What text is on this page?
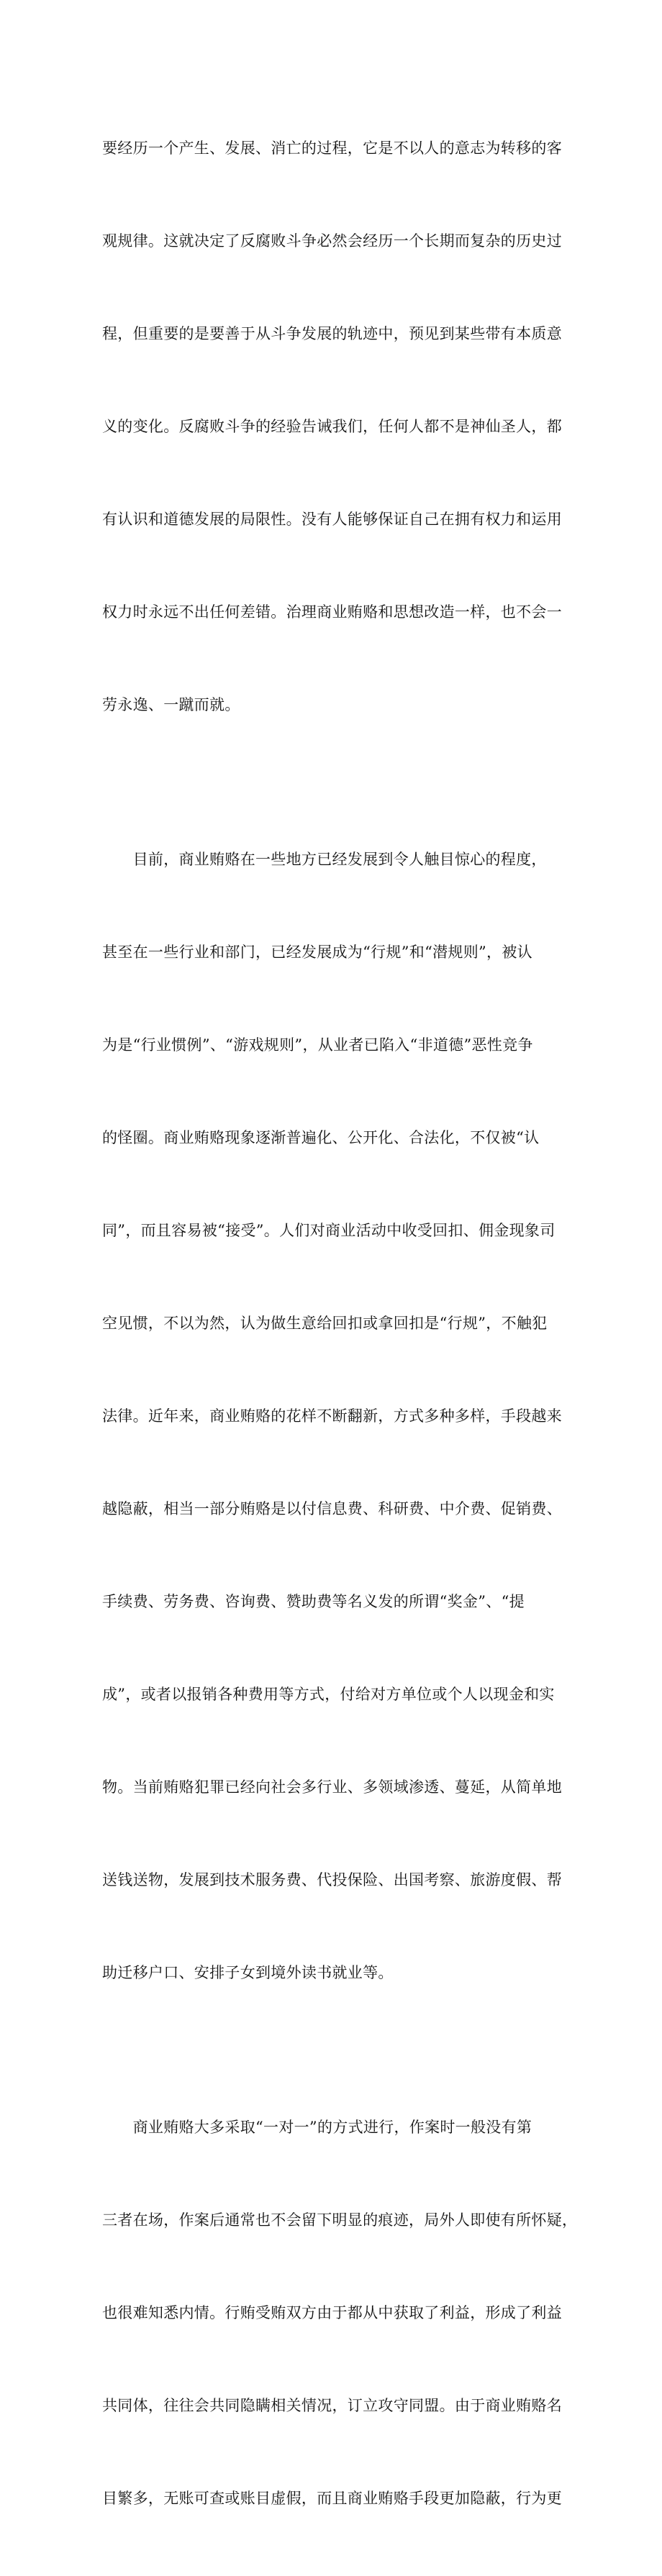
要经历一个产生、发展、消亡的过程，它是不以人的意志为转移的客

观规律。这就决定了反腐败斗争必然会经历一个长期而复杂的历史过

程，但重要的是要善于从斗争发展的轨迹中，预见到某些带有本质意

义的变化。反腐败斗争的经验告诫我们，任何人都不是神仙圣人，都

有认识和道德发展的局限性。没有人能够保证自己在拥有权力和运用

权力时永远不出任何差错。治理商业贿赂和思想改造一样，也不会一

劳永逸、一蹴而就。

　　目前，商业贿赂在一些地方已经发展到令人触目惊心的程度，

甚至在一些行业和部门，已经发展成为“行规”和“潜规则”，被认

为是“行业惯例”、“游戏规则”，从业者已陷入“非道德”恶性竞争

的怪圈。商业贿赂现象逐渐普遍化、公开化、合法化，不仅被“认

同”，而且容易被“接受”。人们对商业活动中收受回扣、佣金现象司

空见惯，不以为然，认为做生意给回扣或拿回扣是“行规”，不触犯

法律。近年来，商业贿赂的花样不断翻新，方式多种多样，手段越来

越隐蔽，相当一部分贿赂是以付信息费、科研费、中介费、促销费、

手续费、劳务费、咨询费、赞助费等名义发的所谓“奖金”、“提

成”，或者以报销各种费用等方式，付给对方单位或个人以现金和实

物。当前贿赂犯罪已经向社会多行业、多领域渗透、蔓延，从简单地

送钱送物，发展到技术服务费、代投保险、出国考察、旅游度假、帮

助迁移户口、安排子女到境外读书就业等。

　　商业贿赂大多采取“一对一”的方式进行，作案时一般没有第

三者在场，作案后通常也不会留下明显的痕迹，局外人即使有所怀疑，

也很难知悉内情。行贿受贿双方由于都从中获取了利益，形成了利益

共同体，往往会共同隐瞒相关情况，订立攻守同盟。由于商业贿赂名

目繁多，无账可查或账目虚假，而且商业贿赂手段更加隐蔽，行为更
